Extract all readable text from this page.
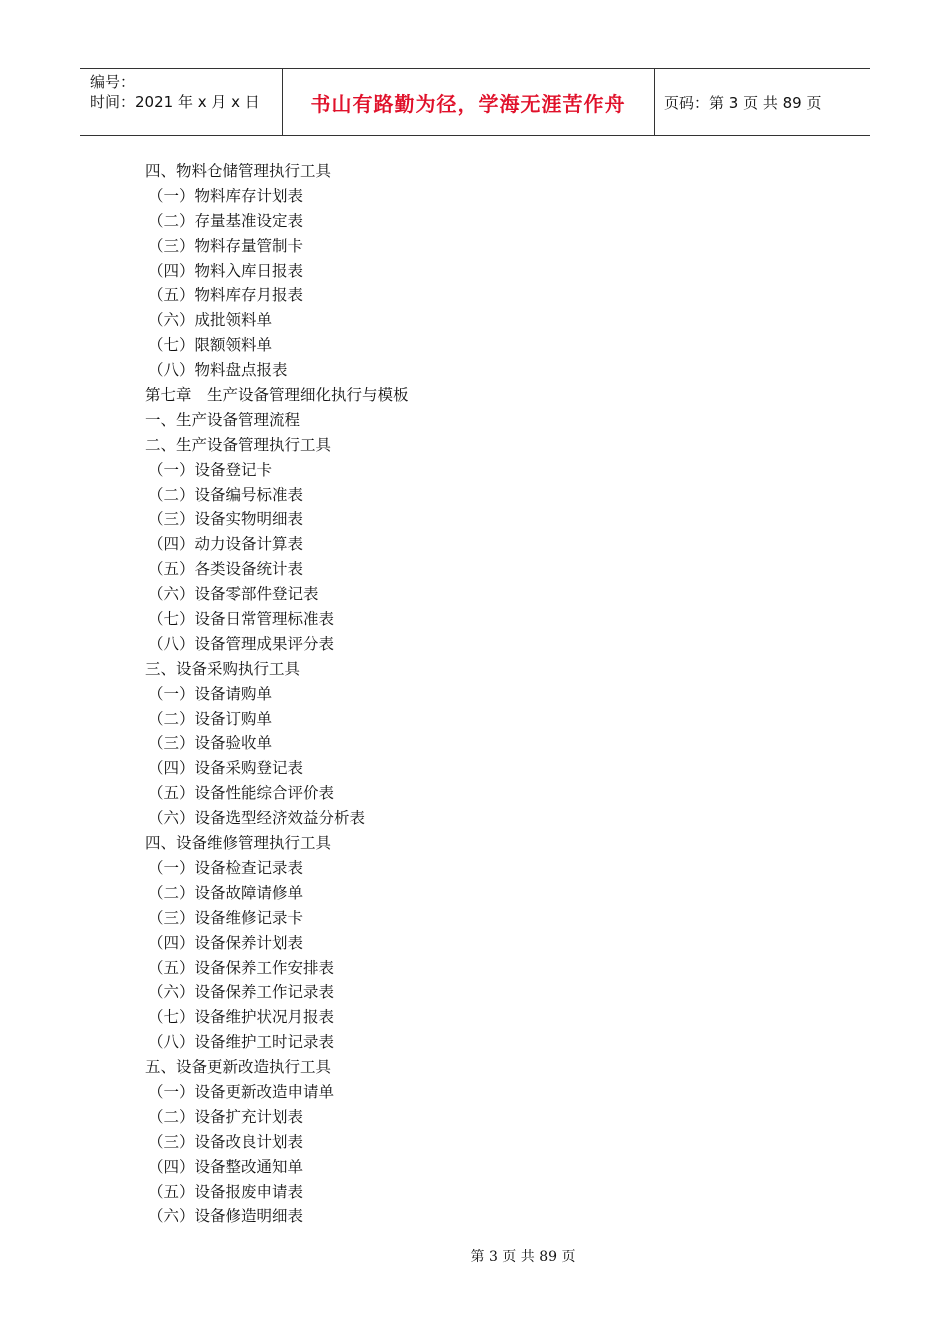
编号：
时间：2021 年 x 月 x 日	书山有路勤为径，学海无涯苦作舟	页码：第 3 页 共 89 页
四、物料仓储管理执行工具
（一）物料库存计划表
（二）存量基准设定表
（三）物料存量管制卡
（四）物料入库日报表
（五）物料库存月报表
（六）成批领料单
（七）限额领料单
（八）物料盘点报表
第七章　生产设备管理细化执行与模板
一、生产设备管理流程
二、生产设备管理执行工具
（一）设备登记卡
（二）设备编号标准表
（三）设备实物明细表
（四）动力设备计算表
（五）各类设备统计表
（六）设备零部件登记表
（七）设备日常管理标准表
（八）设备管理成果评分表
三、设备采购执行工具
（一）设备请购单
（二）设备订购单
（三）设备验收单
（四）设备采购登记表
（五）设备性能综合评价表
（六）设备选型经济效益分析表
四、设备维修管理执行工具
（一）设备检查记录表
（二）设备故障请修单
（三）设备维修记录卡
（四）设备保养计划表
（五）设备保养工作安排表
（六）设备保养工作记录表
（七）设备维护状况月报表
（八）设备维护工时记录表
五、设备更新改造执行工具
（一）设备更新改造申请单
（二）设备扩充计划表
（三）设备改良计划表
（四）设备整改通知单
（五）设备报废申请表
（六）设备修造明细表
第 3 页 共 89 页
